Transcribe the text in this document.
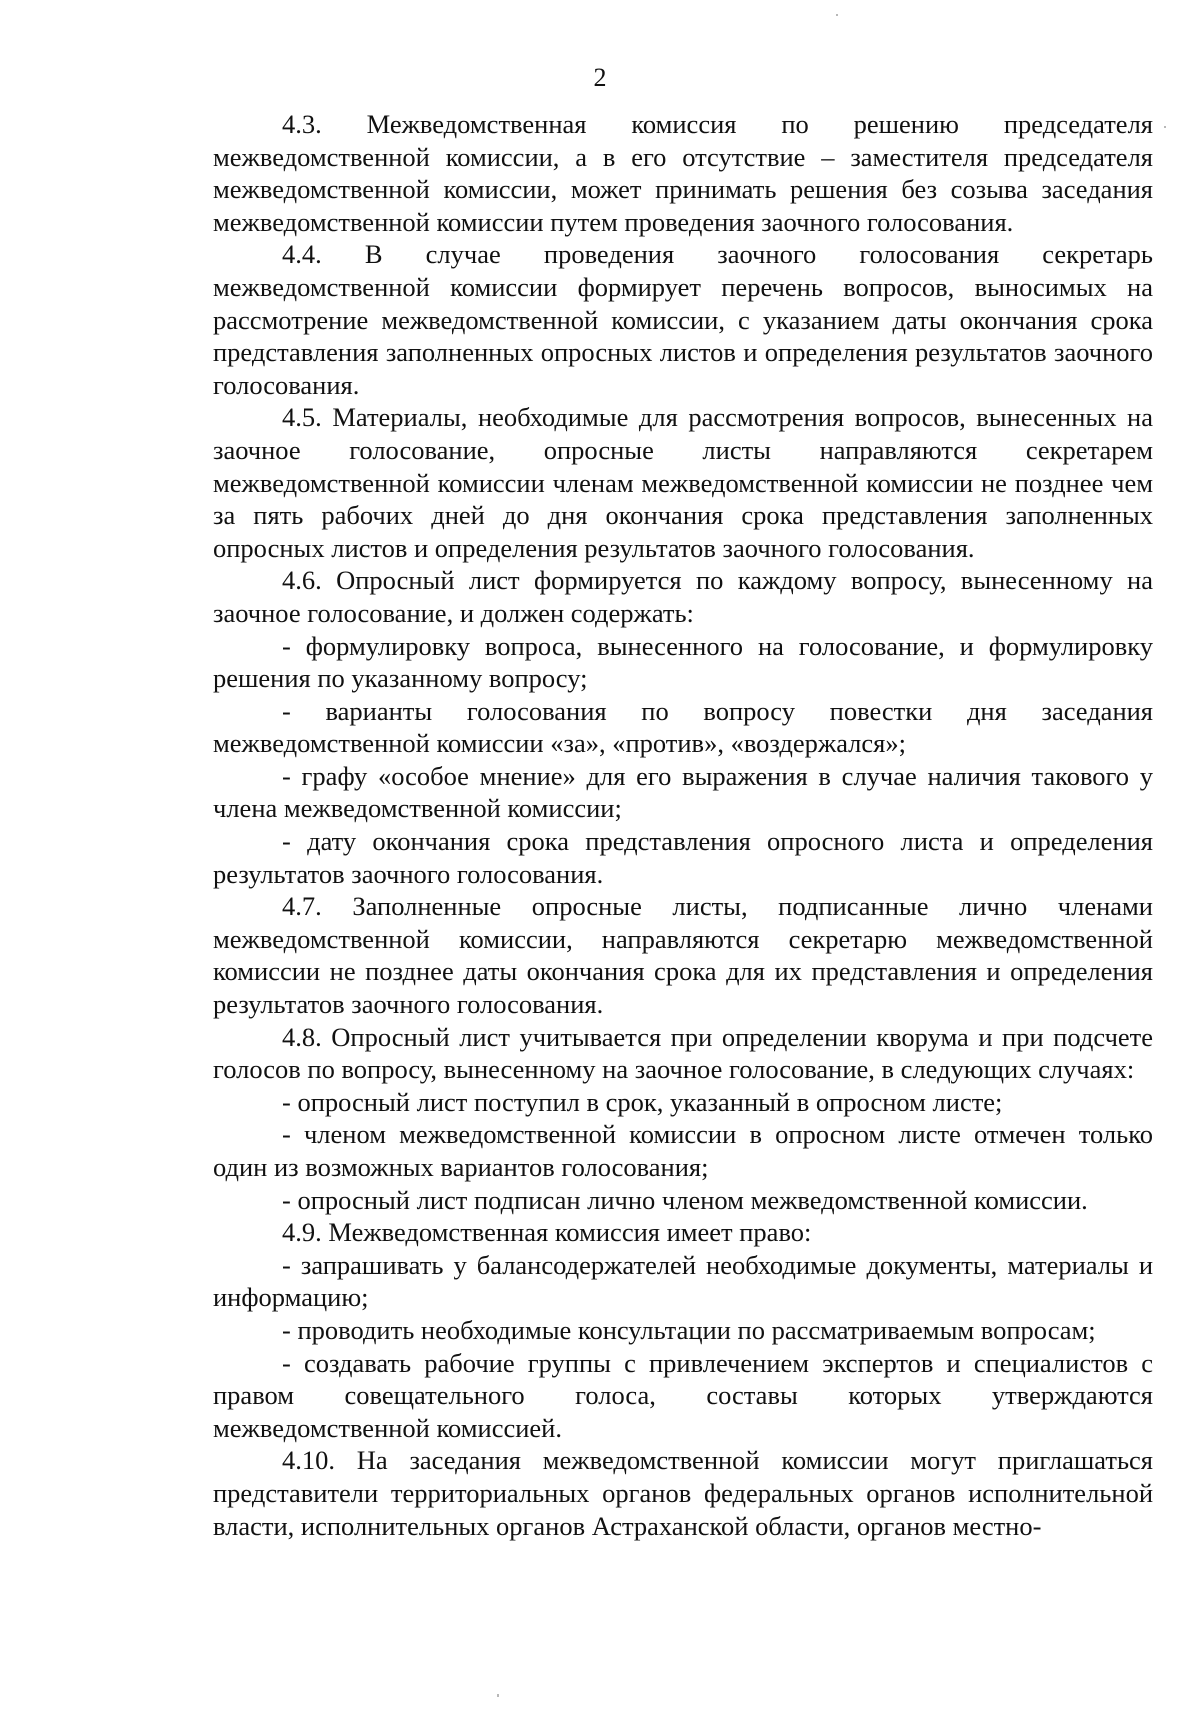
2

4.3. Межведомственная комиссия по решению председателя межведомственной комиссии, а в его отсутствие – заместителя председателя межведомственной комиссии, может принимать решения без созыва заседания межведомственной комиссии путем проведения заочного голосования.

4.4. В случае проведения заочного голосования секретарь межведомственной комиссии формирует перечень вопросов, выносимых на рассмотрение межведомственной комиссии, с указанием даты окончания срока представления заполненных опросных листов и определения результатов заочного голосования.

4.5. Материалы, необходимые для рассмотрения вопросов, вынесенных на заочное голосование, опросные листы направляются секретарем межведомственной комиссии членам межведомственной комиссии не позднее чем за пять рабочих дней до дня окончания срока представления заполненных опросных листов и определения результатов заочного голосования.

4.6. Опросный лист формируется по каждому вопросу, вынесенному на заочное голосование, и должен содержать:

- формулировку вопроса, вынесенного на голосование, и формулировку решения по указанному вопросу;

- варианты голосования по вопросу повестки дня заседания межведомственной комиссии «за», «против», «воздержался»;

- графу «особое мнение» для его выражения в случае наличия такового у члена межведомственной комиссии;

- дату окончания срока представления опросного листа и определения результатов заочного голосования.

4.7. Заполненные опросные листы, подписанные лично членами межведомственной комиссии, направляются секретарю межведомственной комиссии не позднее даты окончания срока для их представления и определения результатов заочного голосования.

4.8. Опросный лист учитывается при определении кворума и при подсчете голосов по вопросу, вынесенному на заочное голосование, в следующих случаях:

- опросный лист поступил в срок, указанный в опросном листе;

- членом межведомственной комиссии в опросном листе отмечен только один из возможных вариантов голосования;

- опросный лист подписан лично членом межведомственной комиссии.

4.9. Межведомственная комиссия имеет право:

- запрашивать у балансодержателей необходимые документы, материалы и информацию;

- проводить необходимые консультации по рассматриваемым вопросам;

- создавать рабочие группы с привлечением экспертов и специалистов с правом совещательного голоса, составы которых утверждаются межведомственной комиссией.

4.10. На заседания межведомственной комиссии могут приглашаться представители территориальных органов федеральных органов исполнительной власти, исполнительных органов Астраханской области, органов местно-
